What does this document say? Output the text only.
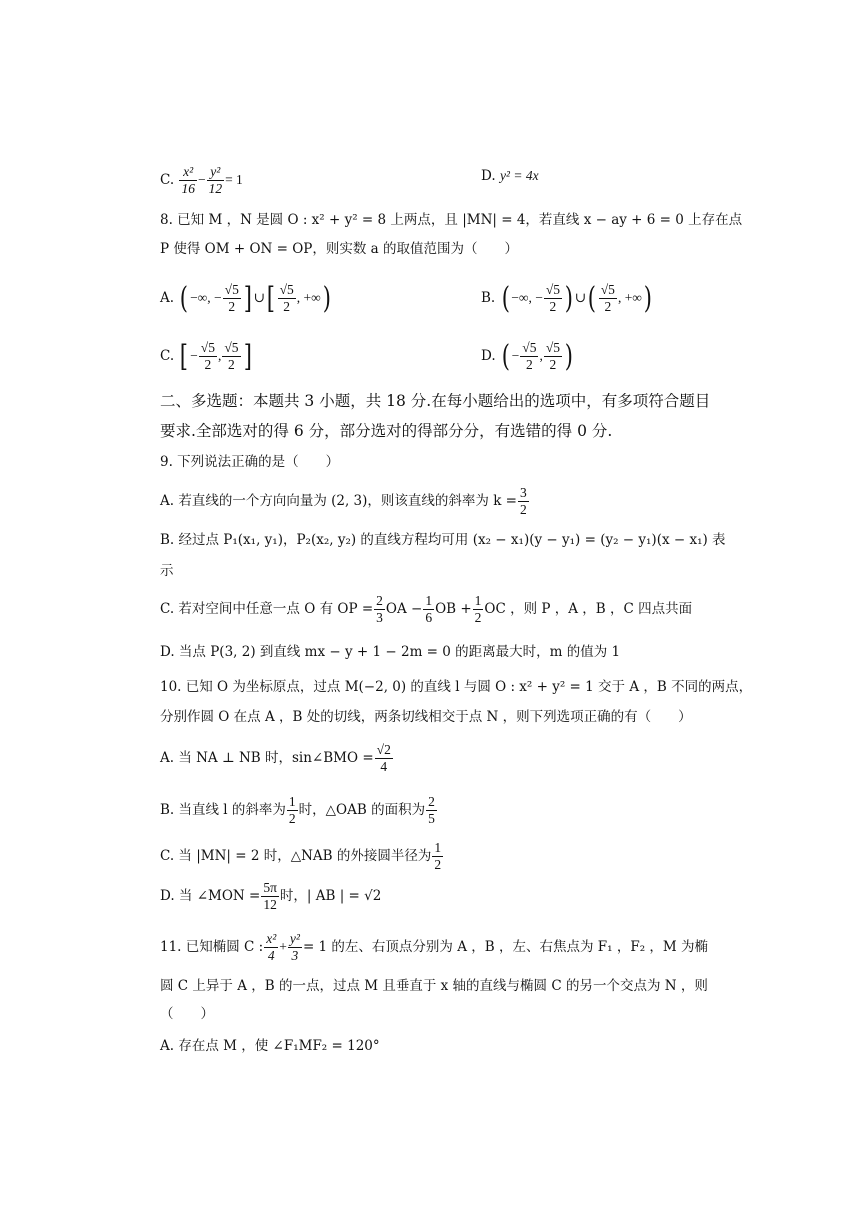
C. $\frac{\text{x²}}{16} - \frac{\text{y²}}{12} = 1$	D. y² = 4x
8. 已知 M ，N 是圆 O : x² + y² = 8 上两点，且 |MN| = 4，若直线 x − ay + 6 = 0 上存在点
P 使得 OM + ON = OP，则实数 a 的取值范围为（　　）
A. ( −∞, − $\frac{√5}{2}$ ] ∪[ $\frac{√5}{2}$ , +∞)	B. ( −∞, − $\frac{√5}{2}$ ) ∪( $\frac{√5}{2}$ , +∞)
C. [ − $\frac{√5}{2}$ , $\frac{√5}{2}$ ]	D. ( − $\frac{√5}{2}$ , $\frac{√5}{2}$ )
二、多选题：本题共 3 小题，共 18 分.在每小题给出的选项中，有多项符合题目
要求.全部选对的得 6 分，部分选对的得部分分，有选错的得 0 分.
9. 下列说法正确的是（　　）
A. 若直线的一个方向向量为 (2, 3)，则该直线的斜率为 $k = \frac{3}{2}$
B. 经过点 P₁(x₁, y₁)，P₂(x₂, y₂) 的直线方程均可用 (x₂ − x₁)(y − y₁) = (y₂ − y₁)(x − x₁) 表
示
C. 若对空间中任意一点 O 有 OP = $\frac{2}{3}$ OA − $\frac{1}{6}$ OB + $\frac{1}{2}$ OC ，则 P ，A ，B ，C 四点共面
D. 当点 P(3, 2) 到直线 mx − y + 1 − 2m = 0 的距离最大时，m 的值为 1
10. 已知 O 为坐标原点，过点 M(−2, 0) 的直线 l 与圆 O : x² + y² = 1 交于 A ，B 不同的两点，
分别作圆 O 在点 A ，B 处的切线，两条切线相交于点 N ，则下列选项正确的有（　　）
A. 当 NA ⊥ NB 时，sin∠BMO = $\frac{√2}{4}$
B. 当直线 l 的斜率为 $\frac{1}{2}$ 时，△OAB 的面积为 $\frac{2}{5}$
C. 当 |MN| = 2 时，△NAB 的外接圆半径为 $\frac{1}{2}$
D. 当 ∠MON = $\frac{5\pi}{12}$ 时，| AB | = √2
11. 已知椭圆 C : $\frac{\text{x²}}{4} + \frac{\text{y²}}{3} = 1$ 的左、右顶点分别为 A ，B ，左、右焦点为 F₁ ，F₂ ，M 为椭
圆 C 上异于 A ，B 的一点，过点 M 且垂直于 x 轴的直线与椭圆 C 的另一个交点为 N ，则
（　　）
A. 存在点 M ，使 ∠F₁MF₂ = 120°
